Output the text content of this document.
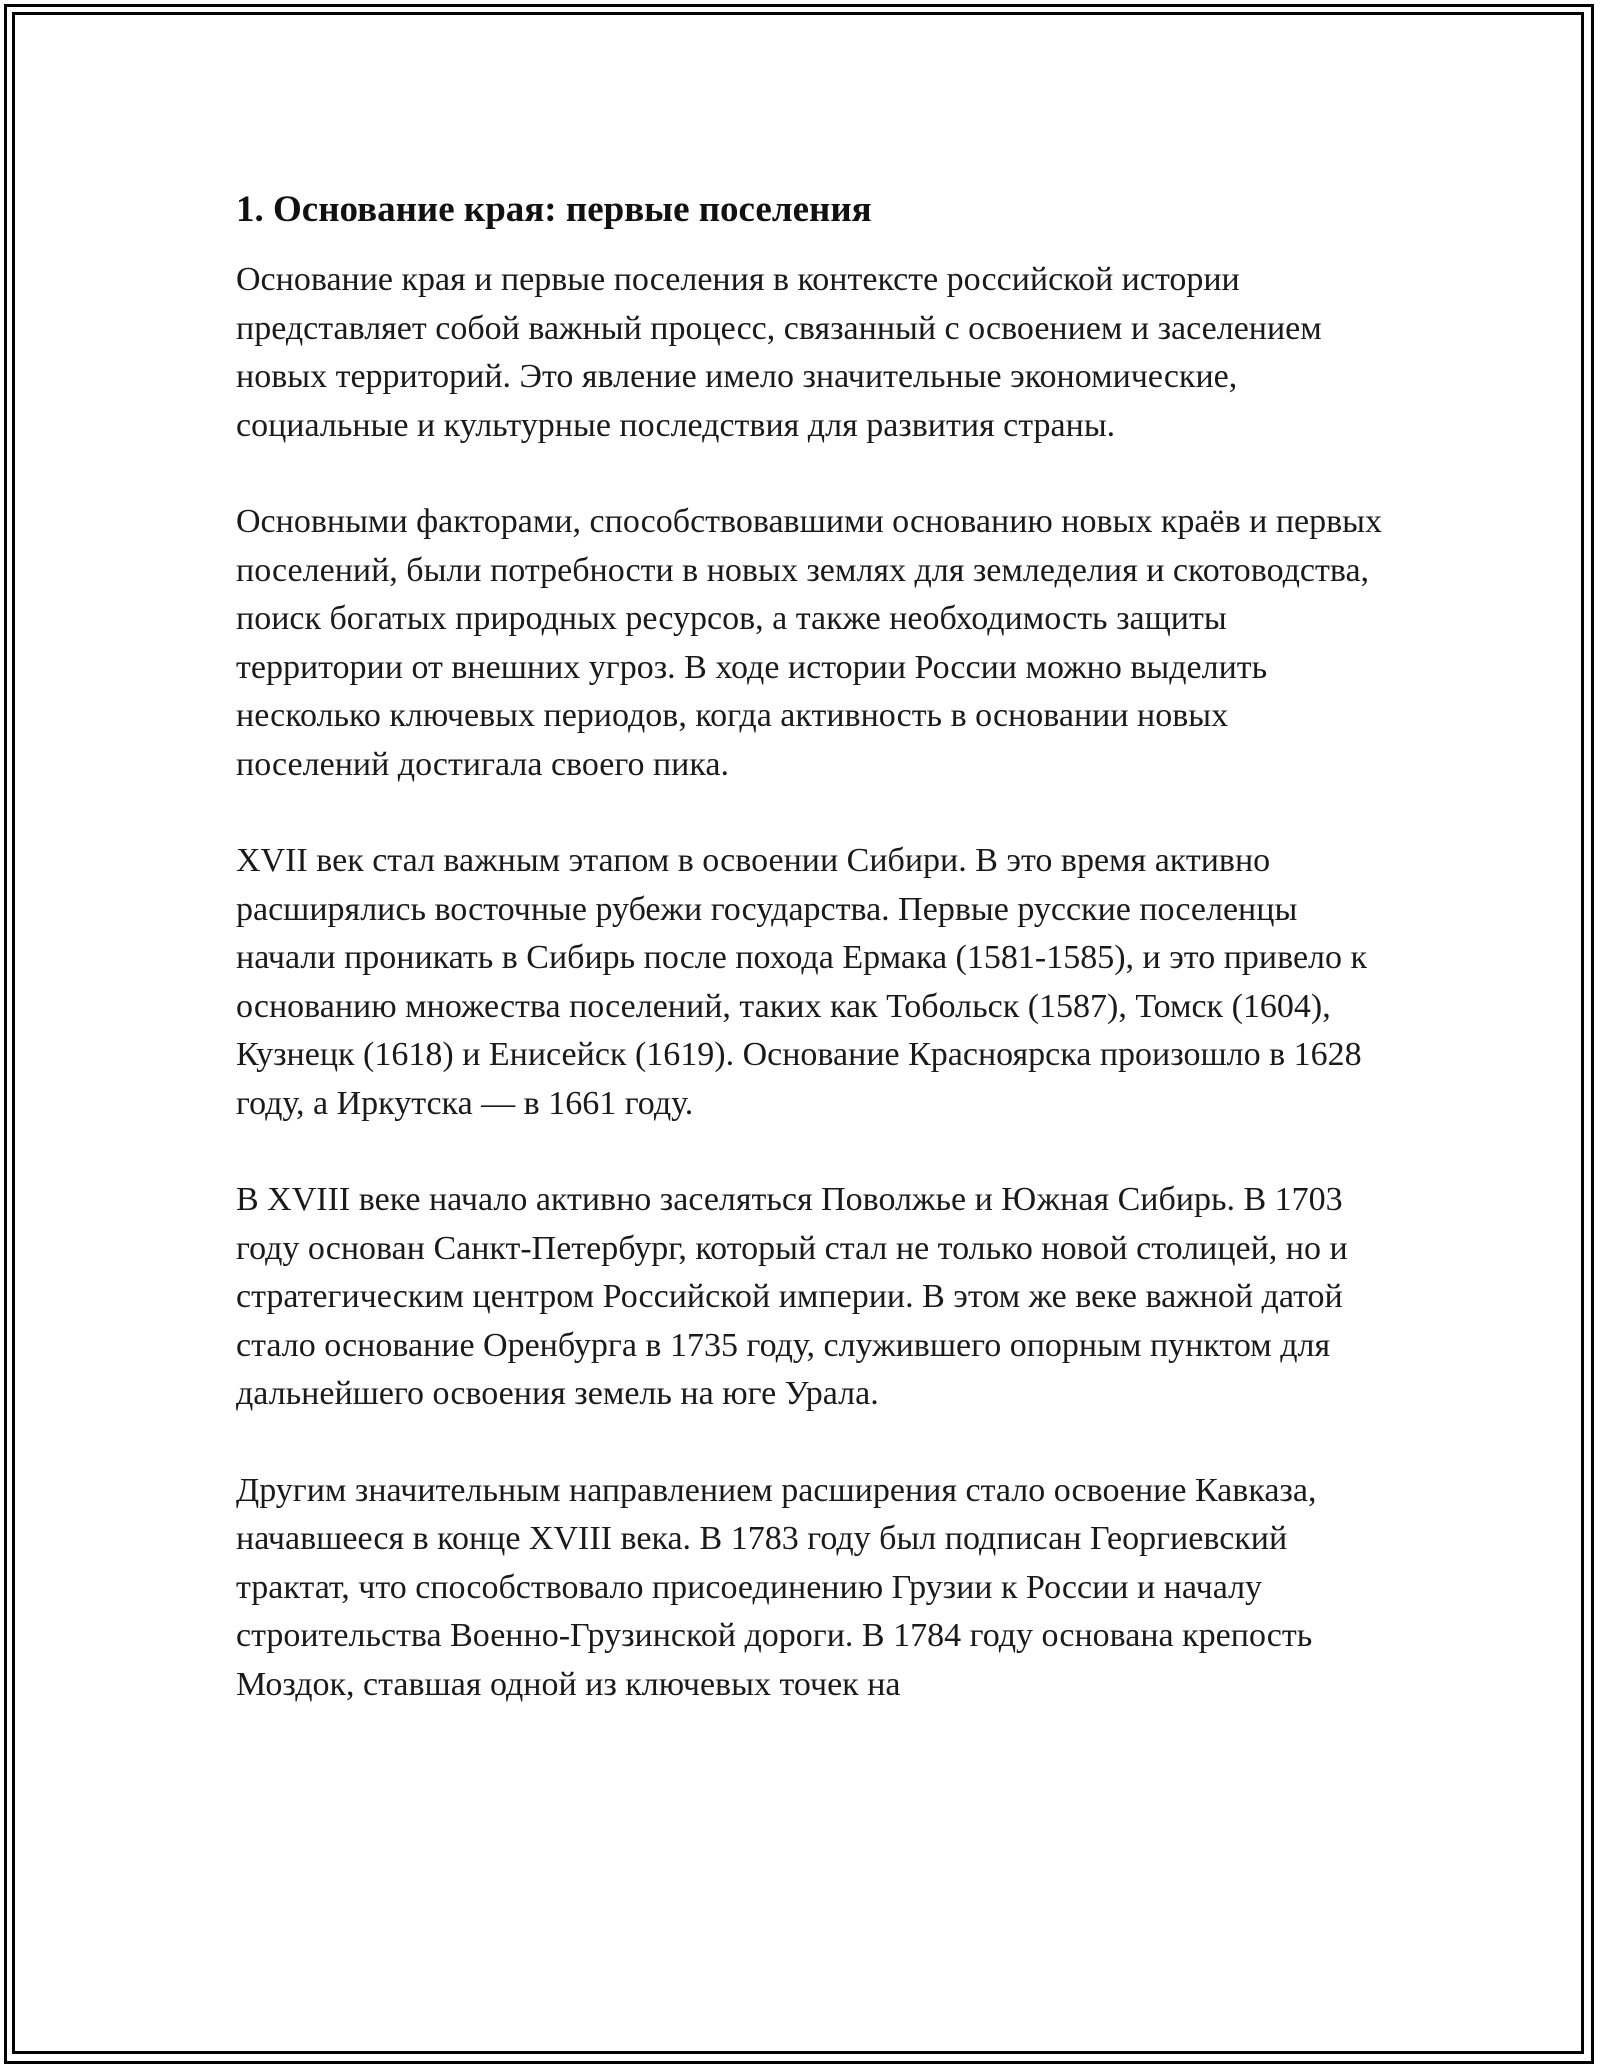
1. Основание края: первые поселения

Основание края и первые поселения в контексте российской истории представляет собой важный процесс, связанный с освоением и заселением новых территорий. Это явление имело значительные экономические, социальные и культурные последствия для развития страны.

Основными факторами, способствовавшими основанию новых краёв и первых поселений, были потребности в новых землях для земледелия и скотоводства, поиск богатых природных ресурсов, а также необходимость защиты территории от внешних угроз. В ходе истории России можно выделить несколько ключевых периодов, когда активность в основании новых поселений достигала своего пика.

XVII век стал важным этапом в освоении Сибири. В это время активно расширялись восточные рубежи государства. Первые русские поселенцы начали проникать в Сибирь после похода Ермака (1581-1585), и это привело к основанию множества поселений, таких как Тобольск (1587), Томск (1604), Кузнецк (1618) и Енисейск (1619). Основание Красноярска произошло в 1628 году, а Иркутска — в 1661 году.

В XVIII веке начало активно заселяться Поволжье и Южная Сибирь. В 1703 году основан Санкт-Петербург, который стал не только новой столицей, но и стратегическим центром Российской империи. В этом же веке важной датой стало основание Оренбурга в 1735 году, служившего опорным пунктом для дальнейшего освоения земель на юге Урала.

Другим значительным направлением расширения стало освоение Кавказа, начавшееся в конце XVIII века. В 1783 году был подписан Георгиевский трактат, что способствовало присоединению Грузии к России и началу строительства Военно-Грузинской дороги. В 1784 году основана крепость Моздок, ставшая одной из ключевых точек на
